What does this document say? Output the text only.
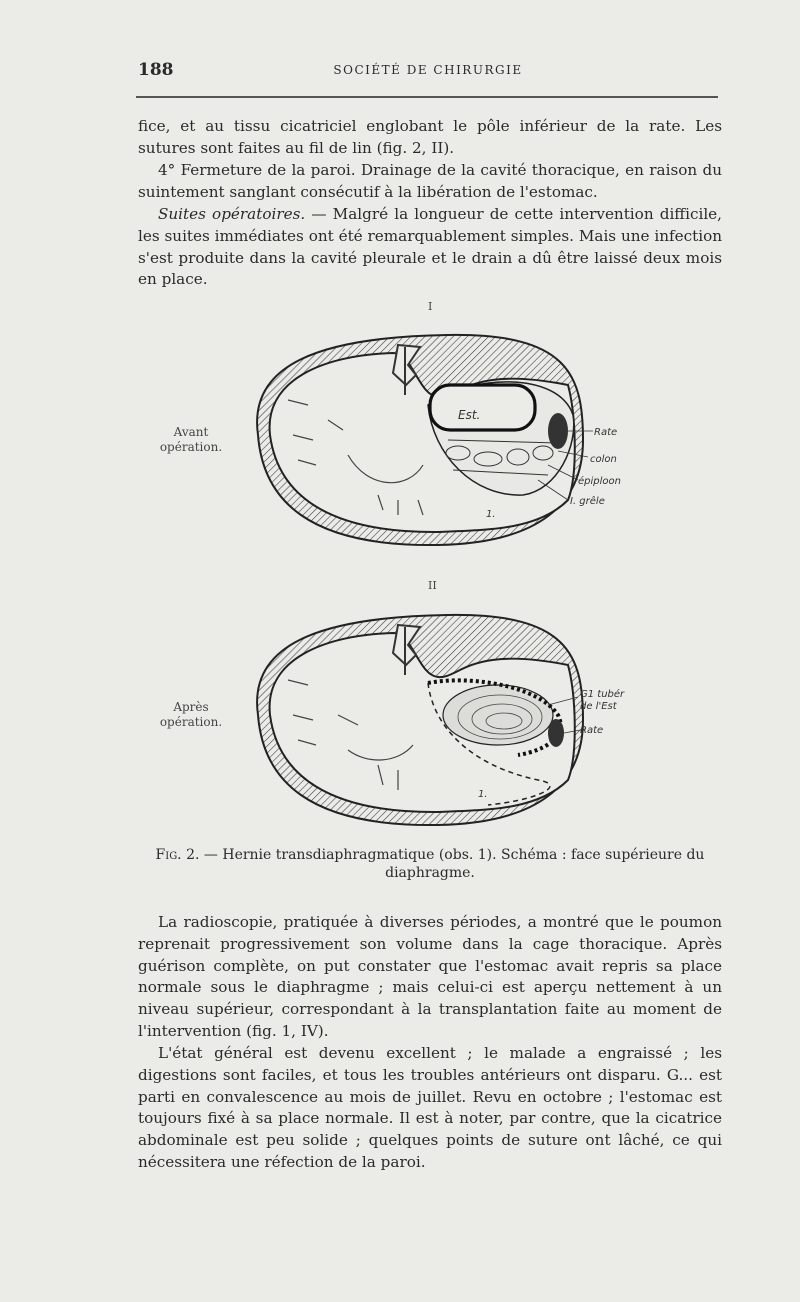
188	SOCIÉTÉ DE CHIRURGIE

fice, et au tissu cicatriciel englobant le pôle inférieur de la rate. Les sutures sont faites au fil de lin (fig. 2, II).

4° Fermeture de la paroi. Drainage de la cavité thoracique, en raison du suintement sanglant consécutif à la libération de l'estomac.

Suites opératoires. — Malgré la longueur de cette intervention difficile, les suites immédiates ont été remarquablement simples. Mais une infection s'est produite dans la cavité pleurale et le drain a dû être laissé deux mois en place.

I
Avant
opération.
Est.
Rate
colon
épiploon
I. grêle
1.
II
Après
opération.
G1 tubér
de l'Est
Rate
1.
Fig. 2. — Hernie transdiaphragmatique (obs. 1). Schéma : face supérieure du diaphragme.

La radioscopie, pratiquée à diverses périodes, a montré que le poumon reprenait progressivement son volume dans la cage thoracique. Après guérison complète, on put constater que l'estomac avait repris sa place normale sous le diaphragme ; mais celui-ci est aperçu nettement à un niveau supérieur, correspondant à la transplantation faite au moment de l'intervention (fig. 1, IV).

L'état général est devenu excellent ; le malade a engraissé ; les digestions sont faciles, et tous les troubles antérieurs ont disparu. G... est parti en convalescence au mois de juillet. Revu en octobre ; l'estomac est toujours fixé à sa place normale. Il est à noter, par contre, que la cicatrice abdominale est peu solide ; quelques points de suture ont lâché, ce qui nécessitera une réfection de la paroi.
